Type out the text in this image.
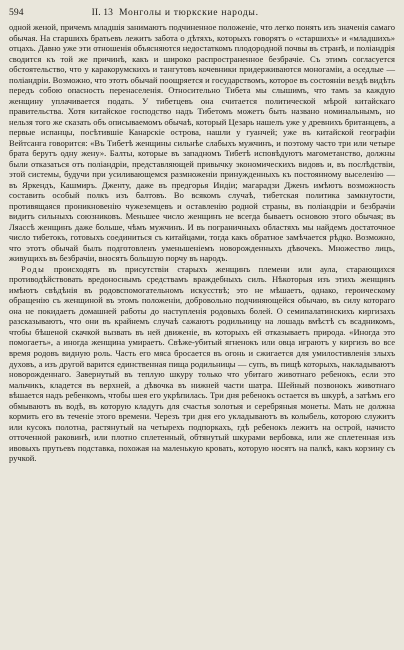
594	II. 13 Монголы и тюркские народы.

одной женой, причемъ младшія занимаютъ подчиненное положеніе, что легко понять изъ значенія самаго обычая. На старшихъ братьевъ лежитъ забота о дѣтяхъ, которыхъ говорятъ о «старшихъ» и «младшихъ» отцахъ. Давно уже эти отношенія объясняются недостаткомъ плодородной почвы въ странѣ, и поліандрія сводится къ той же причинѣ, какъ и широко распространенное безбрачіе. Съ этимъ согласуется обстоятельство, что у каракорумскихъ и тангутовъ кочевники придерживаются моногаміи, а оседлые — поліандріи. Возможно, что этотъ обычай поощряется и государствомъ, которое въ состояніи вездѣ видѣть передъ собою опасность перенаселенія. Относительно Тибета мы слышимъ, что тамъ за каждую женщину уплачивается подать. У тибетцевъ она считается политической мѣрой китайскаго правительства. Хотя китайское господство надъ Тибетомъ можетъ быть названо номинальнымъ, но нельзя того же сказать объ описываемомъ обычаѣ, который Цезарь нашелъ уже у древнихъ британцевъ, а первые испанцы, посѣтившіе Канарскіе острова, нашли у гуанчей; уже въ китайской географіи Вейтсанга говорится: «Въ Тибетѣ женщины сильнѣе слабыхъ мужчинъ, и поэтому часто три или четыре брата берутъ одну жену». Балты, которые въ западномъ Тибетѣ исповѣдуютъ магометанство, должны были отказаться отъ поліандріи, представляющей привычку экономическихъ видовъ и, въ послѣдствіи, этой системы, будучи при усиливающемся размноженіи принужденныхъ къ постоянному выселенію — въ Яркендъ, Кашмиръ. Дженту, даже въ предгорья Индіи; магарадзи Дженъ имѣютъ возможность составить особый полкъ изъ балтовъ. Во всякомъ случаѣ, тибетская политика замкнутости, противящаяся проникновенію чужеземцевъ и оставленію родной страны, въ поліандріи и безбрачіи видитъ сильныхъ союзниковъ. Меньшее число женщинъ не всегда бываетъ основою этого обычая; въ Ляассѣ женщинъ даже больше, чѣмъ мужчинъ. И въ пограничныхъ областяхъ мы найдемъ достаточное число тибетокъ, готовыхъ соединиться съ китайцами, тогда какъ обратное замѣчается рѣдко. Возможно, что этотъ обычай былъ подготовленъ уменьшеніемъ новорожденныхъ дѣвочекъ. Множество лицъ, живущихъ въ безбрачіи, вносятъ большую порчу въ народъ.

Роды происходятъ въ присутствіи старыхъ женщинъ племени или аула, старающихся противодѣйствовать вредоноснымъ средствамъ враждебныхъ силъ. Нѣкоторыя изъ этихъ женщинъ имѣютъ свѣдѣнія въ родовспомогательномъ искусствѣ; это не мѣшаетъ, однако, героическому обращенію съ женщиной въ этомъ положеніи, добровольно подчиняющейся обычаю, въ силу котораго она не покидаетъ домашней работы до наступленія родовыхъ болей. О семипалатинскихъ киргизахъ разсказываютъ, что они въ крайнемъ случаѣ сажаютъ родильницу на лошадь вмѣстѣ съ всадникомъ, чтобы бѣшеной скачкой вызвать въ ней движеніе, въ которыхъ ей отказываетъ природа. «Иногда это помогаетъ», а иногда женщина умираетъ. Свѣже-убитый ягненокъ или овца играютъ у киргизъ во все время родовъ видную роль. Часть его мяса бросается въ огонь и сжигается для умилостивленія злыхъ духовъ, а изъ другой варится единственная пища родильницы — супъ, въ пищѣ которыхъ, накладываютъ новорожденнаго. Завернутый въ теплую шкуру только что убитаго животнаго ребенокъ, если это мальчикъ, кладется въ верхней, а дѣвочка въ нижней части шатра. Шейный позвонокъ животнаго вѣшается надъ ребенкомъ, чтобы шея его укрѣпилась. Три дня ребенокъ остается въ шкурѣ, а затѣмъ его обмываютъ въ водѣ, въ которую кладутъ для счастья золотыя и серебряныя монеты. Мать не должна кормить его въ теченіе этого времени. Черезъ три дня его укладываютъ въ колыбель, которою служитъ или кусокъ полотна, растянутый на четырехъ подпоркахъ, гдѣ ребенокъ лежитъ на острой, начисто отточенной раковинѣ, или плотно сплетенный, обтянутый шкурами вербовка, или же сплетенная изъ ивовыхъ прутьевъ подставка, похожая на маленькую кровать, которую носятъ на палкѣ, какъ корзину съ ручкой.
